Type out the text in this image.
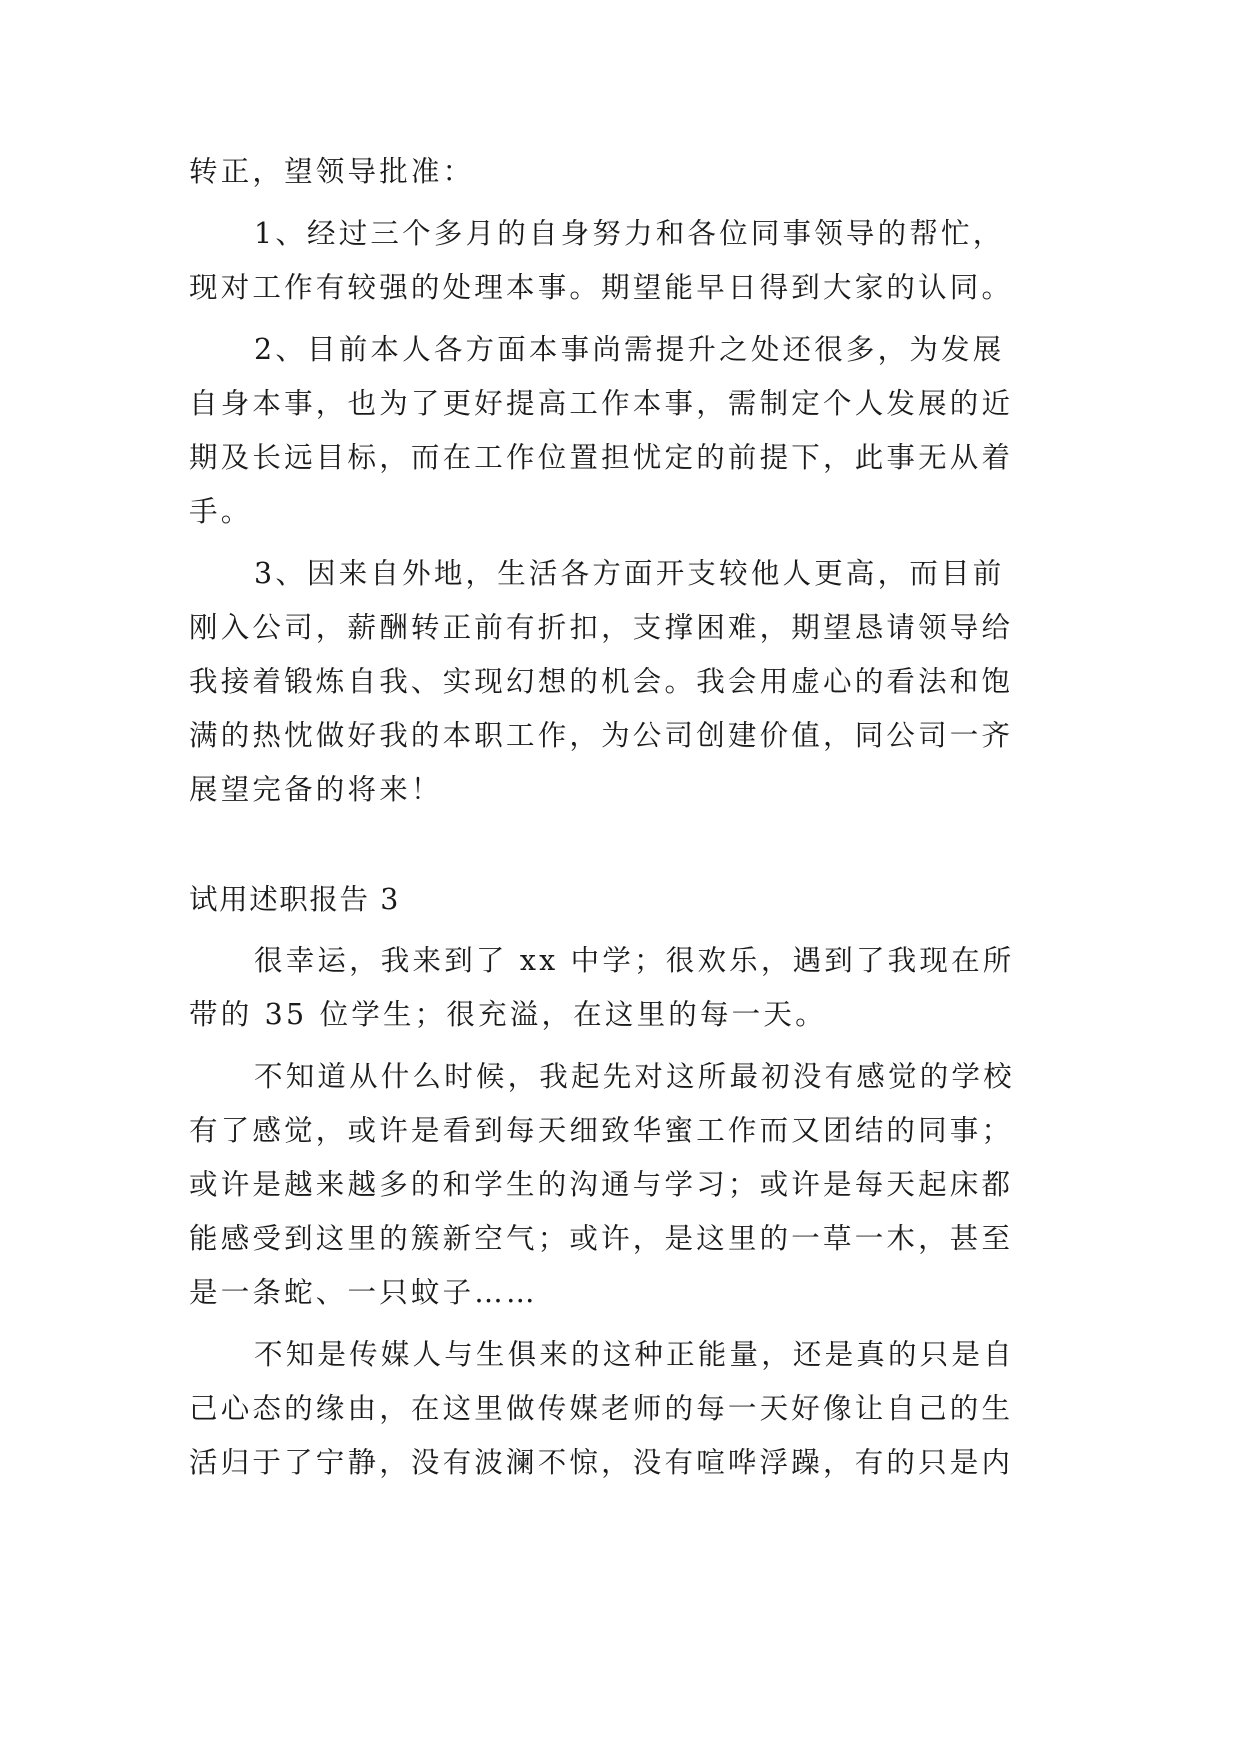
转正，望领导批准：
1、经过三个多月的自身努力和各位同事领导的帮忙，
现对工作有较强的处理本事。期望能早日得到大家的认同。
2、目前本人各方面本事尚需提升之处还很多，为发展
自身本事，也为了更好提高工作本事，需制定个人发展的近
期及长远目标，而在工作位置担忧定的前提下，此事无从着
手。
3、因来自外地，生活各方面开支较他人更高，而目前
刚入公司，薪酬转正前有折扣，支撑困难，期望恳请领导给
我接着锻炼自我、实现幻想的机会。我会用虚心的看法和饱
满的热忱做好我的本职工作，为公司创建价值，同公司一齐
展望完备的将来！
试用述职报告 3
很幸运，我来到了 xx 中学；很欢乐，遇到了我现在所
带的 35 位学生；很充溢，在这里的每一天。
不知道从什么时候，我起先对这所最初没有感觉的学校
有了感觉，或许是看到每天细致华蜜工作而又团结的同事；
或许是越来越多的和学生的沟通与学习；或许是每天起床都
能感受到这里的簇新空气；或许，是这里的一草一木，甚至
是一条蛇、一只蚊子……
不知是传媒人与生俱来的这种正能量，还是真的只是自
己心态的缘由，在这里做传媒老师的每一天好像让自己的生
活归于了宁静，没有波澜不惊，没有喧哗浮躁，有的只是内
